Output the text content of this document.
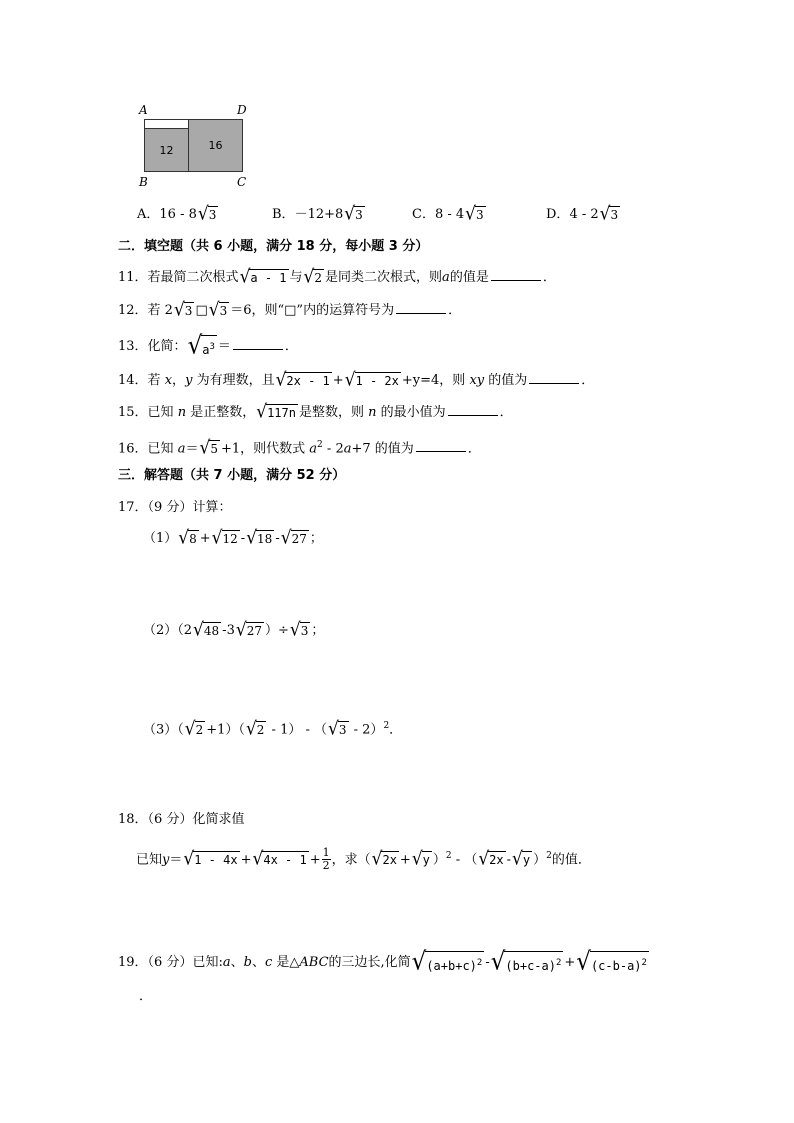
A	D
B	C
12	16
A．16 - 8 √ 3	B．－12+8 √ 3	C．8 - 4 √ 3	D．4 - 2 √ 3
二．填空题（共 6 小题，满分 18 分，每小题 3 分）
11．若最简二次根式 √ a - 1 与 √ 2 是同类二次根式，则a的值是	．
12．若 2 √ 3 □ √ 3 ＝6，则“□”内的运算符号为	．
13．化简： √ $a^3$ ＝	．
14．若 x，y 为有理数，且 √ 2x - 1 + √ 1 - 2x +y=4，则 xy 的值为	．
15．已知 n 是正整数， √ 117n 是整数，则 n 的最小值为	．
16．已知 a＝ √ 5 +1，则代数式 $a^2 - 2a+7$ 的值为	．
三．解答题（共 7 小题，满分 52 分）
17．（9 分）计算：
（1） √ 8 + √ 12 - √ 18 - √ 27 ；
（2）（2 √ 48 -3 √ 27 ）÷ √ 3 ；
（3）（ √ 2 +1）（ √ 2 - 1） - （ √ 3 - 2）$^2$．
18．（6 分）化简求值
已知y＝ √ 1 - 4x + √ $4x - 1 + \frac{1}{2}$ ，求（ √ 2x + √ y ）$^2$ - （ √ 2x - √ y ）$^2$的值．
19．（6 分）已知:a、b、c 是△ABC的三边长,化简 √ $(a+b+c)^2$ - √ $(b+c-a)^2$ + √ $(c-b-a)^2$
．
